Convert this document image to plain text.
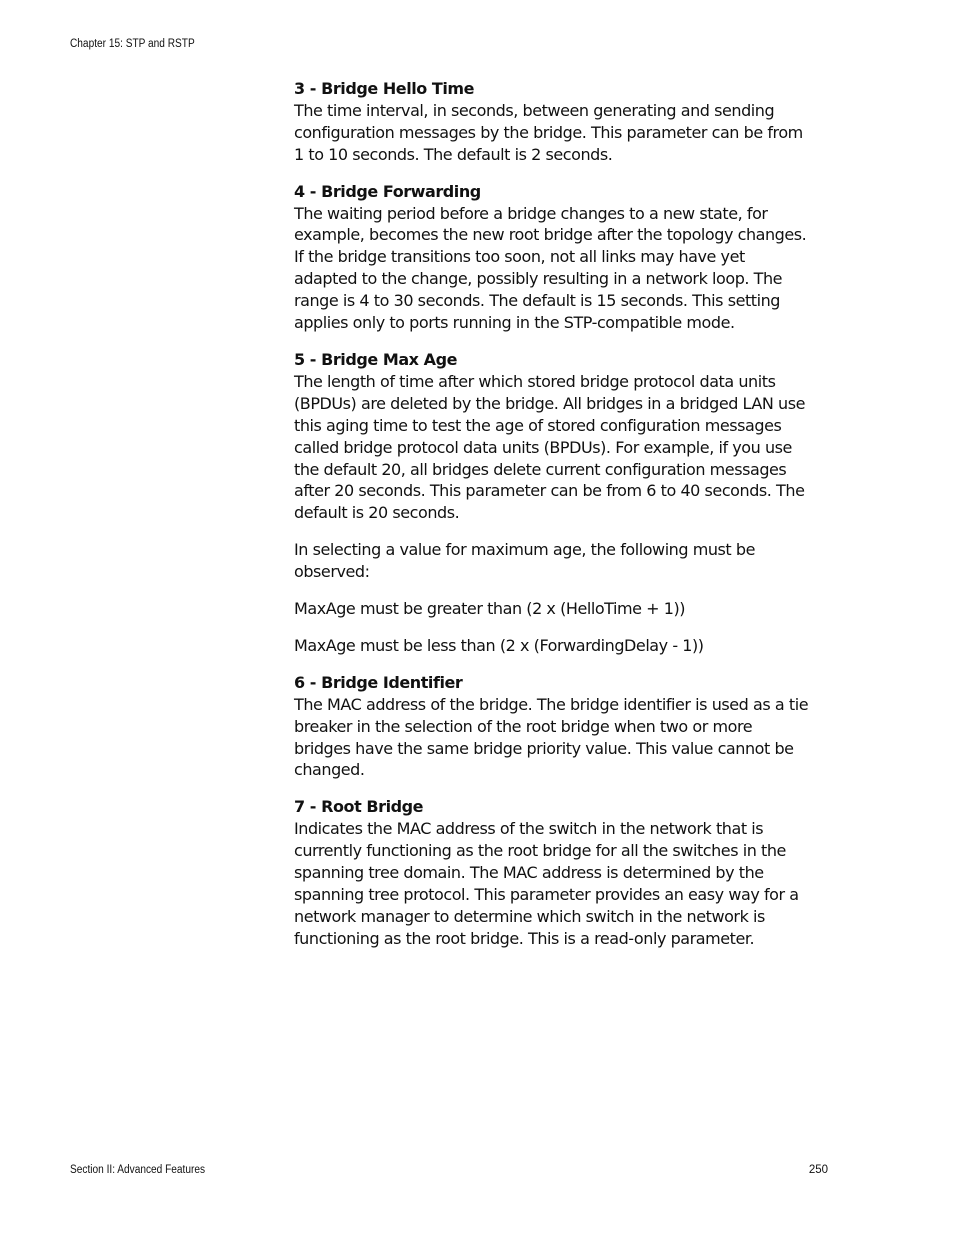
Chapter 15: STP and RSTP

3 - Bridge Hello Time

The time interval, in seconds, between generating and sending configuration messages by the bridge. This parameter can be from 1 to 10 seconds. The default is 2 seconds.

4 - Bridge Forwarding

The waiting period before a bridge changes to a new state, for example, becomes the new root bridge after the topology changes. If the bridge transitions too soon, not all links may have yet adapted to the change, possibly resulting in a network loop. The range is 4 to 30 seconds. The default is 15 seconds. This setting applies only to ports running in the STP-compatible mode.

5 - Bridge Max Age

The length of time after which stored bridge protocol data units (BPDUs) are deleted by the bridge. All bridges in a bridged LAN use this aging time to test the age of stored configuration messages called bridge protocol data units (BPDUs). For example, if you use the default 20, all bridges delete current configuration messages after 20 seconds. This parameter can be from 6 to 40 seconds. The default is 20 seconds.

In selecting a value for maximum age, the following must be observed:

MaxAge must be greater than (2 x (HelloTime + 1))

MaxAge must be less than (2 x (ForwardingDelay - 1))

6 - Bridge Identifier

The MAC address of the bridge. The bridge identifier is used as a tie breaker in the selection of the root bridge when two or more bridges have the same bridge priority value. This value cannot be changed.

7 - Root Bridge

Indicates the MAC address of the switch in the network that is currently functioning as the root bridge for all the switches in the spanning tree domain. The MAC address is determined by the spanning tree protocol. This parameter provides an easy way for a network manager to determine which switch in the network is functioning as the root bridge. This is a read-only parameter.

Section II: Advanced Features	250
